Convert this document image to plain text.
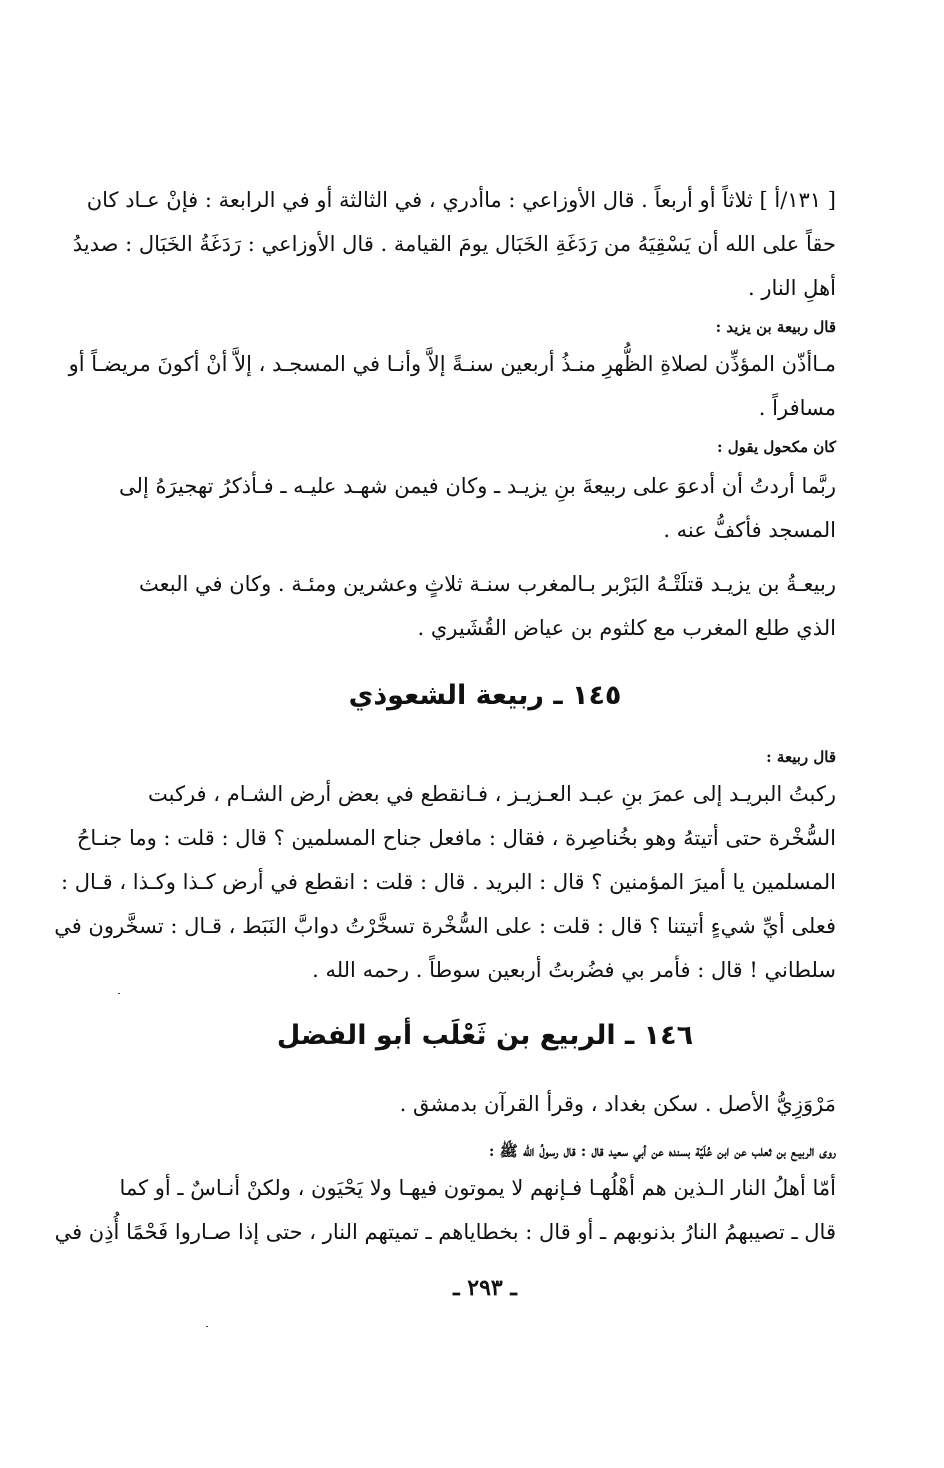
[ ١٣١/أ ] ثلاثاً أو أربعاً . قال الأوزاعي : ماأدري ، في الثالثة أو في الرابعة : فإنْ عـاد كان
حقاً على الله أن يَسْقِيَهُ من رَدَغَةِ الخَبَال يومَ القيامة . قال الأوزاعي : رَدَغَةُ الخَبَال : صديدُ
أهلِ النار .
قال ربيعة بن يزيد :
مـاأذّن المؤذِّن لصلاةِ الظُّهرِ منـذُ أربعين سنـةً إلاَّ وأنـا في المسجـد ، إلاَّ أنْ أكونَ مريضـاً أو
مسافراً .
كان مكحول يقول :
ربَّما أردتُ أن أدعوَ على ربيعةَ بنِ يزيـد ـ وكان فيمن شهـد عليـه ـ فـأذكرُ تهجيرَهُ إلى
المسجد فأكفُّ عنه .
ربيعـةُ بن يزيـد قتلَتْـهُ البَرْبر بـالمغرب سنـة ثلاثٍ وعشرين ومئـة . وكان في البعث
الذي طلع المغرب مع كلثوم بن عياض القُشَيري .
١٤٥ ـ ربيعة الشعوذي
قال ربيعة :
ركبتُ البريـد إلى عمرَ بنِ عبـد العـزيـز ، فـانقطع في بعض أرض الشـام ، فركبت
السُّخْرة حتى أتيتهُ وهو بخُناصِرة ، فقال : مافعل جناح المسلمين ؟ قال : قلت : وما جنـاحُ
المسلمين يا أميرَ المؤمنين ؟ قال : البريد . قال : قلت : انقطع في أرض كـذا وكـذا ، قـال :
فعلى أيِّ شيءٍ أتيتنا ؟ قال : قلت : على السُّخْرة تسخَّرْتُ دوابَّ النَبَط ، قـال : تسخَّرون في
سلطاني ! قال : فأمر بي فضُربتُ أربعين سوطاً . رحمه الله .
١٤٦ ـ الربيع بن ثَعْلَب أبو الفضل
مَرْوَزِيُّ الأصل . سكن بغداد ، وقرأ القرآن بدمشق .
روى الربيـع بن ثعلب عن ابن عُلَيّة بسنده عن أبي سعيد قال : قال رسولُ الله ﷺ :
أمّا أهلُ النار الـذين هم أهْلُهـا فـإنهم لا يموتون فيهـا ولا يَحْيَون ، ولكنْ أنـاسٌ ـ أو كما
قال ـ تصيبهمُ النارُ بذنوبهم ـ أو قال : بخطاياهم ـ تميتهم النار ، حتى إذا صـاروا فَحْمًا أُذِن في
ـ ٢٩٣ ـ
